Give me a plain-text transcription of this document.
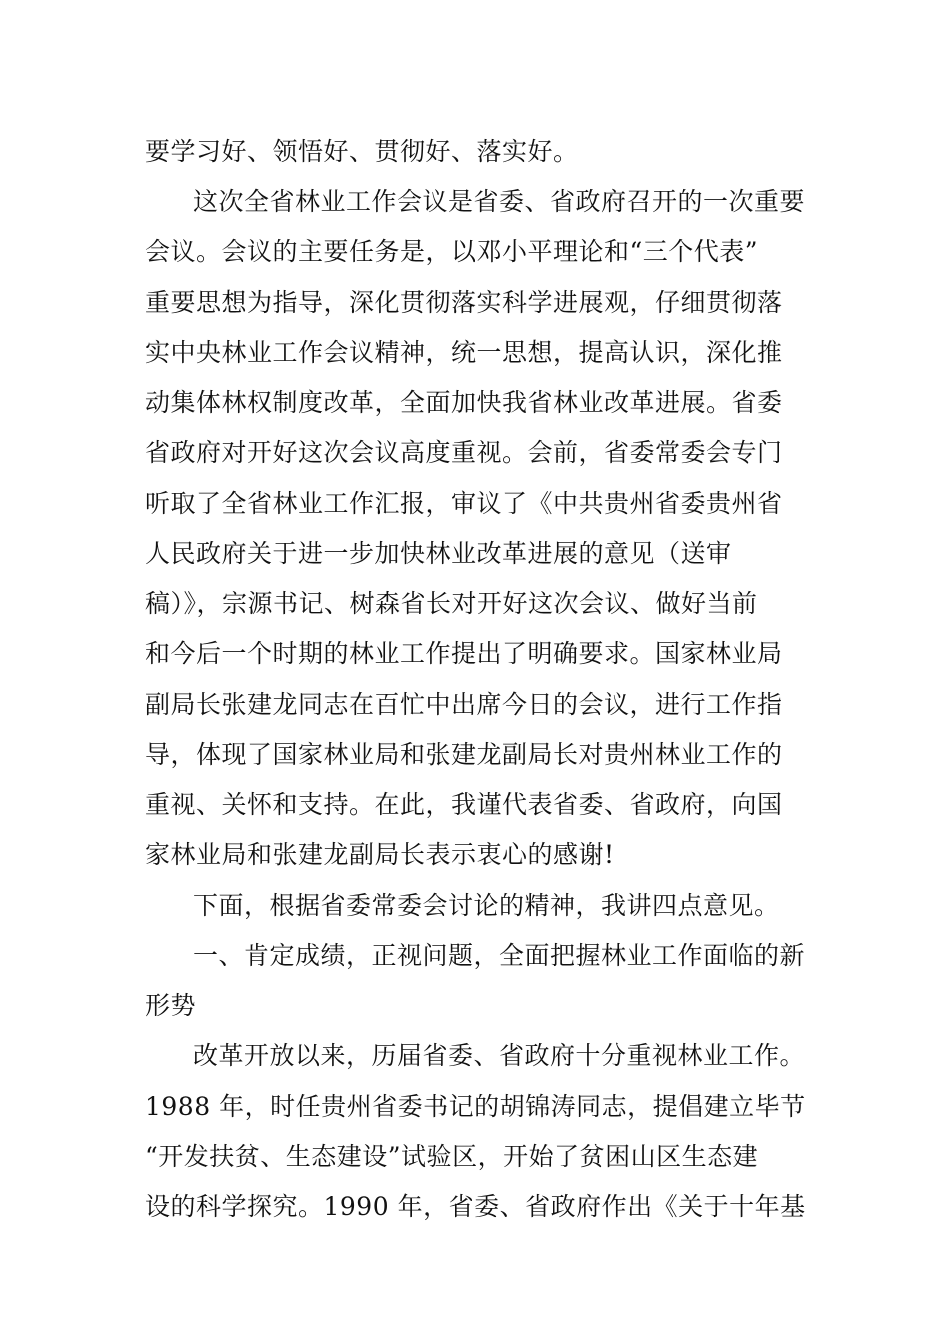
要学习好、领悟好、贯彻好、落实好。
这次全省林业工作会议是省委、省政府召开的一次重要
会议。会议的主要任务是，以邓小平理论和“三个代表”
重要思想为指导，深化贯彻落实科学进展观，仔细贯彻落
实中央林业工作会议精神，统一思想，提高认识，深化推
动集体林权制度改革，全面加快我省林业改革进展。省委
省政府对开好这次会议高度重视。会前，省委常委会专门
听取了全省林业工作汇报，审议了《中共贵州省委贵州省
人民政府关于进一步加快林业改革进展的意见（送审
稿）》，宗源书记、树森省长对开好这次会议、做好当前
和今后一个时期的林业工作提出了明确要求。国家林业局
副局长张建龙同志在百忙中出席今日的会议，进行工作指
导，体现了国家林业局和张建龙副局长对贵州林业工作的
重视、关怀和支持。在此，我谨代表省委、省政府，向国
家林业局和张建龙副局长表示衷心的感谢!
下面，根据省委常委会讨论的精神，我讲四点意见。
一、肯定成绩，正视问题，全面把握林业工作面临的新
形势
改革开放以来，历届省委、省政府十分重视林业工作。
1988 年，时任贵州省委书记的胡锦涛同志，提倡建立毕节
“开发扶贫、生态建设”试验区，开始了贫困山区生态建
设的科学探究。1990 年，省委、省政府作出《关于十年基
